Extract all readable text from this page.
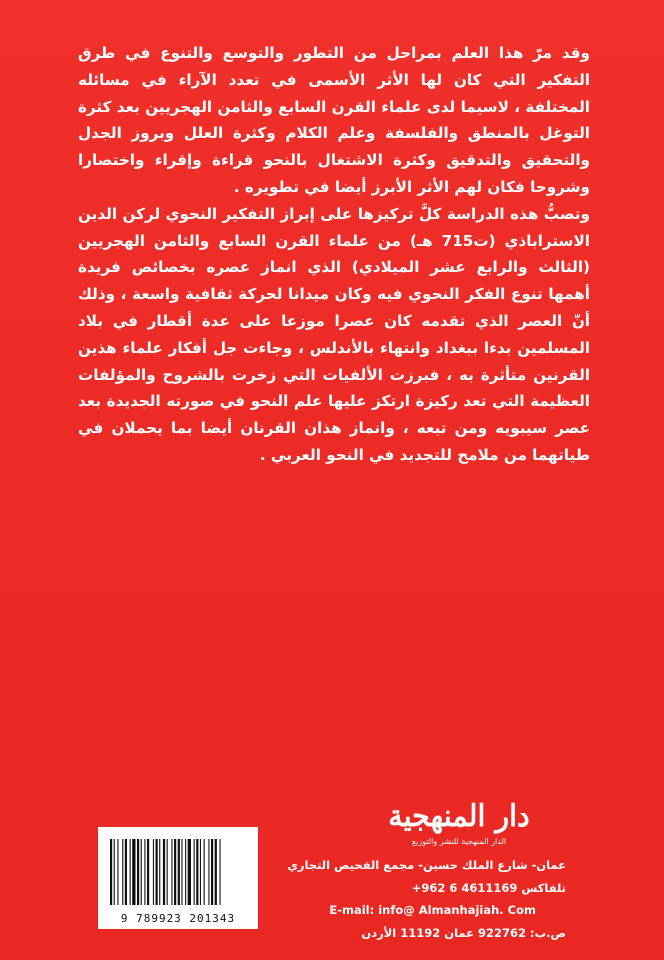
وقد مرّ هذا العلم بمراحل من التطور والتوسع والتنوع في طرق التفكير التي كان لها الأثر الأسمى في تعدد الآراء في مسائله المختلفة ، لاسيما لدى علماء القرن السابع والثامن الهجريين بعد كثرة التوغل بالمنطق والفلسفة وعلم الكلام وكثرة العلل وبروز الجدل والتحقيق والتدقيق وكثرة الاشتغال بالنحو قراءة وإقراء واختصارا وشروحا فكان لهم الأثر الأبرز أيضا في تطويره .

وتصبُّ هذه الدراسة كلَّ تركيزها على إبراز التفكير النحوي لركن الدين الاستراباذي (ت715 هـ) من علماء القرن السابع والثامن الهجريين (الثالث والرابع عشر الميلادي) الذي انماز عصره بخصائص فريدة أهمها تنوع الفكر النحوي فيه وكان ميدانا لحركة ثقافية واسعة ، وذلك أنّ العصر الذي تقدمه كان عصرا موزعا على عدة أقطار في بلاد المسلمين بدءا ببغداد وانتهاء بالأندلس ، وجاءت جل أفكار علماء هذين القرنين متأثرة به ، فبرزت الألفيات التي زخرت بالشروح والمؤلفات العظيمة التي تعد ركيزة ارتكز عليها علم النحو في صورته الجديدة بعد عصر سيبويه ومن تبعه ، وانماز هذان القرنان أيضا بما يحملان في طياتهما من ملامح للتجديد في النحو العربي .

9 789923 201343
دار المنهجية
الدار المنهجية للنشر والتوزيع
عمان- شارع الملك حسين- مجمع الفحيص التجاري
تلفاكس 4611169 6 962+
E-mail: info@ Almanhajiah. Com
ص.ب: 922762 عمان 11192 الأردن
